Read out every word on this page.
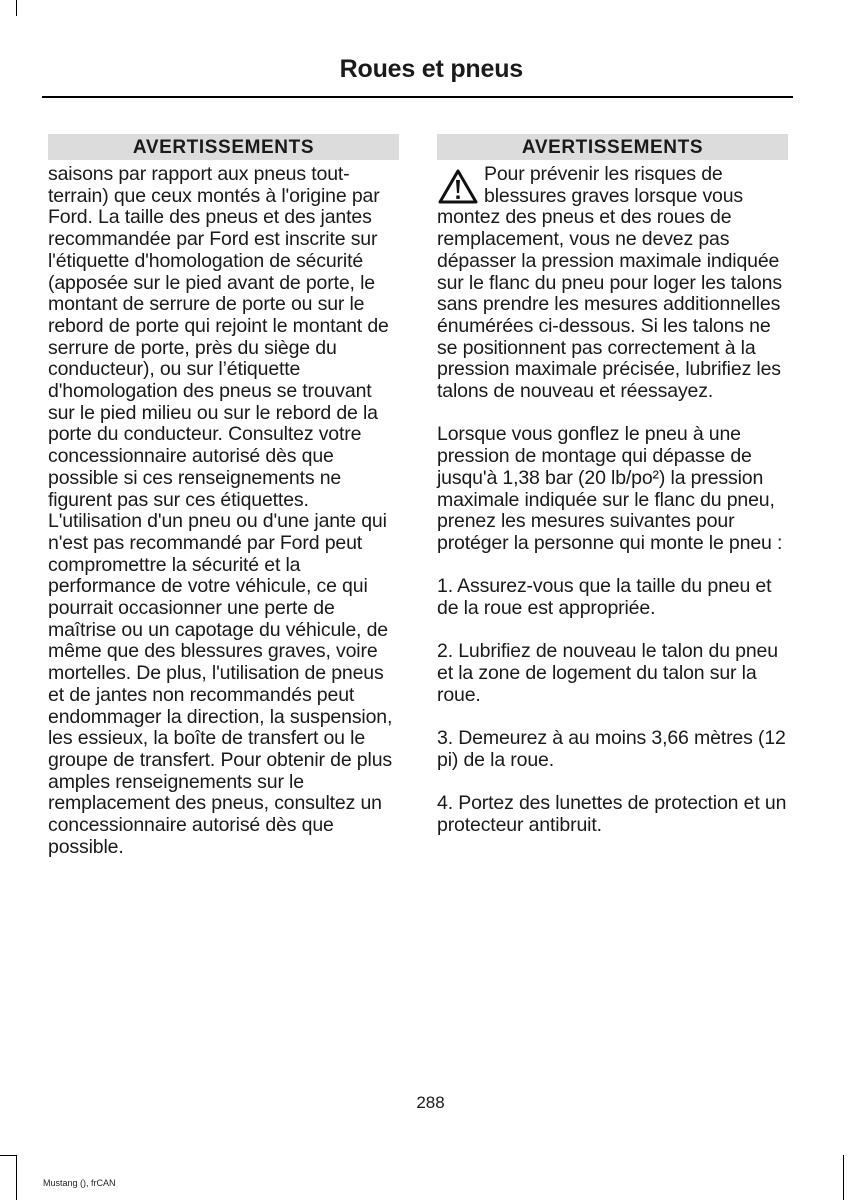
Roues et pneus
AVERTISSEMENTS

saisons par rapport aux pneus tout-terrain) que ceux montés à l'origine par Ford. La taille des pneus et des jantes recommandée par Ford est inscrite sur l'étiquette d'homologation de sécurité (apposée sur le pied avant de porte, le montant de serrure de porte ou sur le rebord de porte qui rejoint le montant de serrure de porte, près du siège du conducteur), ou sur l’étiquette d'homologation des pneus se trouvant sur le pied milieu ou sur le rebord de la porte du conducteur. Consultez votre concessionnaire autorisé dès que possible si ces renseignements ne figurent pas sur ces étiquettes. L'utilisation d'un pneu ou d'une jante qui n'est pas recommandé par Ford peut compromettre la sécurité et la performance de votre véhicule, ce qui pourrait occasionner une perte de maîtrise ou un capotage du véhicule, de même que des blessures graves, voire mortelles. De plus, l'utilisation de pneus et de jantes non recommandés peut endommager la direction, la suspension, les essieux, la boîte de transfert ou le groupe de transfert. Pour obtenir de plus amples renseignements sur le remplacement des pneus, consultez un concessionnaire autorisé dès que possible.

AVERTISSEMENTS
Pour prévenir les risques de blessures graves lorsque vous montez des pneus et des roues de remplacement, vous ne devez pas dépasser la pression maximale indiquée sur le flanc du pneu pour loger les talons sans prendre les mesures additionnelles énumérées ci-dessous. Si les talons ne se positionnent pas correctement à la pression maximale précisée, lubrifiez les talons de nouveau et réessayez.

Lorsque vous gonflez le pneu à une pression de montage qui dépasse de jusqu'à 1,38 bar (20 lb/po²) la pression maximale indiquée sur le flanc du pneu, prenez les mesures suivantes pour protéger la personne qui monte le pneu :

1. Assurez-vous que la taille du pneu et de la roue est appropriée.

2. Lubrifiez de nouveau le talon du pneu et la zone de logement du talon sur la roue.

3. Demeurez à au moins 3,66 mètres (12 pi) de la roue.

4. Portez des lunettes de protection et un protecteur antibruit.

288
Mustang (), frCAN
